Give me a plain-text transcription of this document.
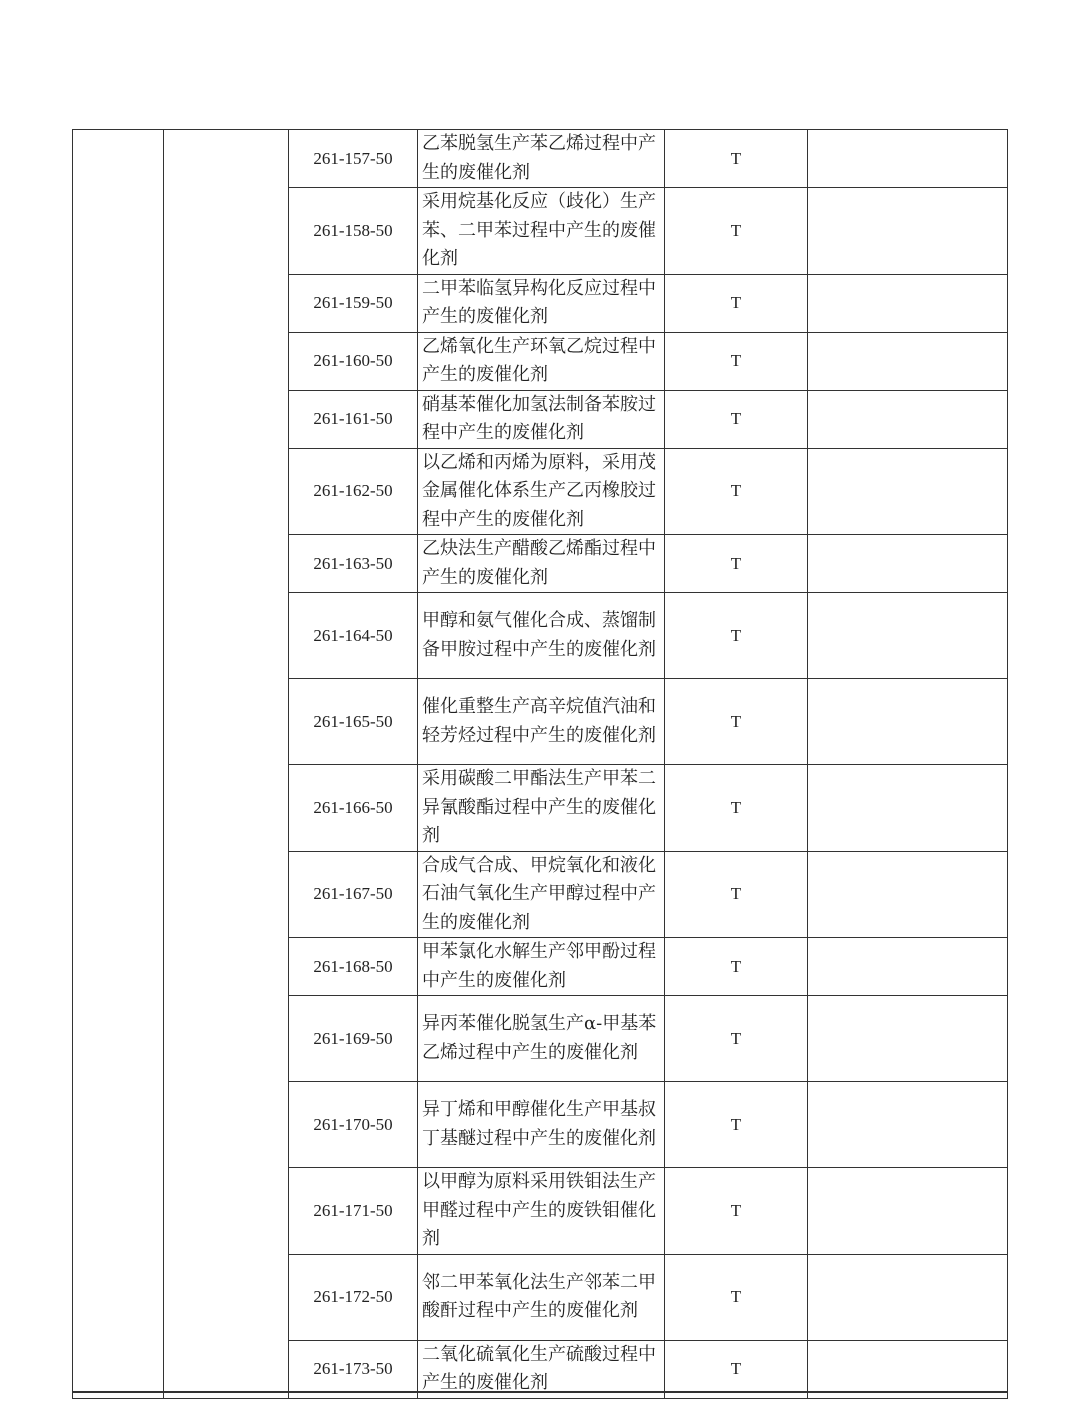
		261-157-50	乙苯脱氢生产苯乙烯过程中产生的废催化剂	T	
		261-158-50	采用烷基化反应（歧化）生产苯、二甲苯过程中产生的废催化剂	T	
		261-159-50	二甲苯临氢异构化反应过程中产生的废催化剂	T	
		261-160-50	乙烯氧化生产环氧乙烷过程中产生的废催化剂	T	
		261-161-50	硝基苯催化加氢法制备苯胺过程中产生的废催化剂	T	
		261-162-50	以乙烯和丙烯为原料，采用茂金属催化体系生产乙丙橡胶过程中产生的废催化剂	T	
		261-163-50	乙炔法生产醋酸乙烯酯过程中产生的废催化剂	T	
		261-164-50	甲醇和氨气催化合成、蒸馏制备甲胺过程中产生的废催化剂	T	
		261-165-50	催化重整生产高辛烷值汽油和轻芳烃过程中产生的废催化剂	T	
		261-166-50	采用碳酸二甲酯法生产甲苯二异氰酸酯过程中产生的废催化剂	T	
		261-167-50	合成气合成、甲烷氧化和液化石油气氧化生产甲醇过程中产生的废催化剂	T	
		261-168-50	甲苯氯化水解生产邻甲酚过程中产生的废催化剂	T	
		261-169-50	异丙苯催化脱氢生产α-甲基苯乙烯过程中产生的废催化剂	T	
		261-170-50	异丁烯和甲醇催化生产甲基叔丁基醚过程中产生的废催化剂	T	
		261-171-50	以甲醇为原料采用铁钼法生产甲醛过程中产生的废铁钼催化剂	T	
		261-172-50	邻二甲苯氧化法生产邻苯二甲酸酐过程中产生的废催化剂	T	
		261-173-50	二氧化硫氧化生产硫酸过程中产生的废催化剂	T	
